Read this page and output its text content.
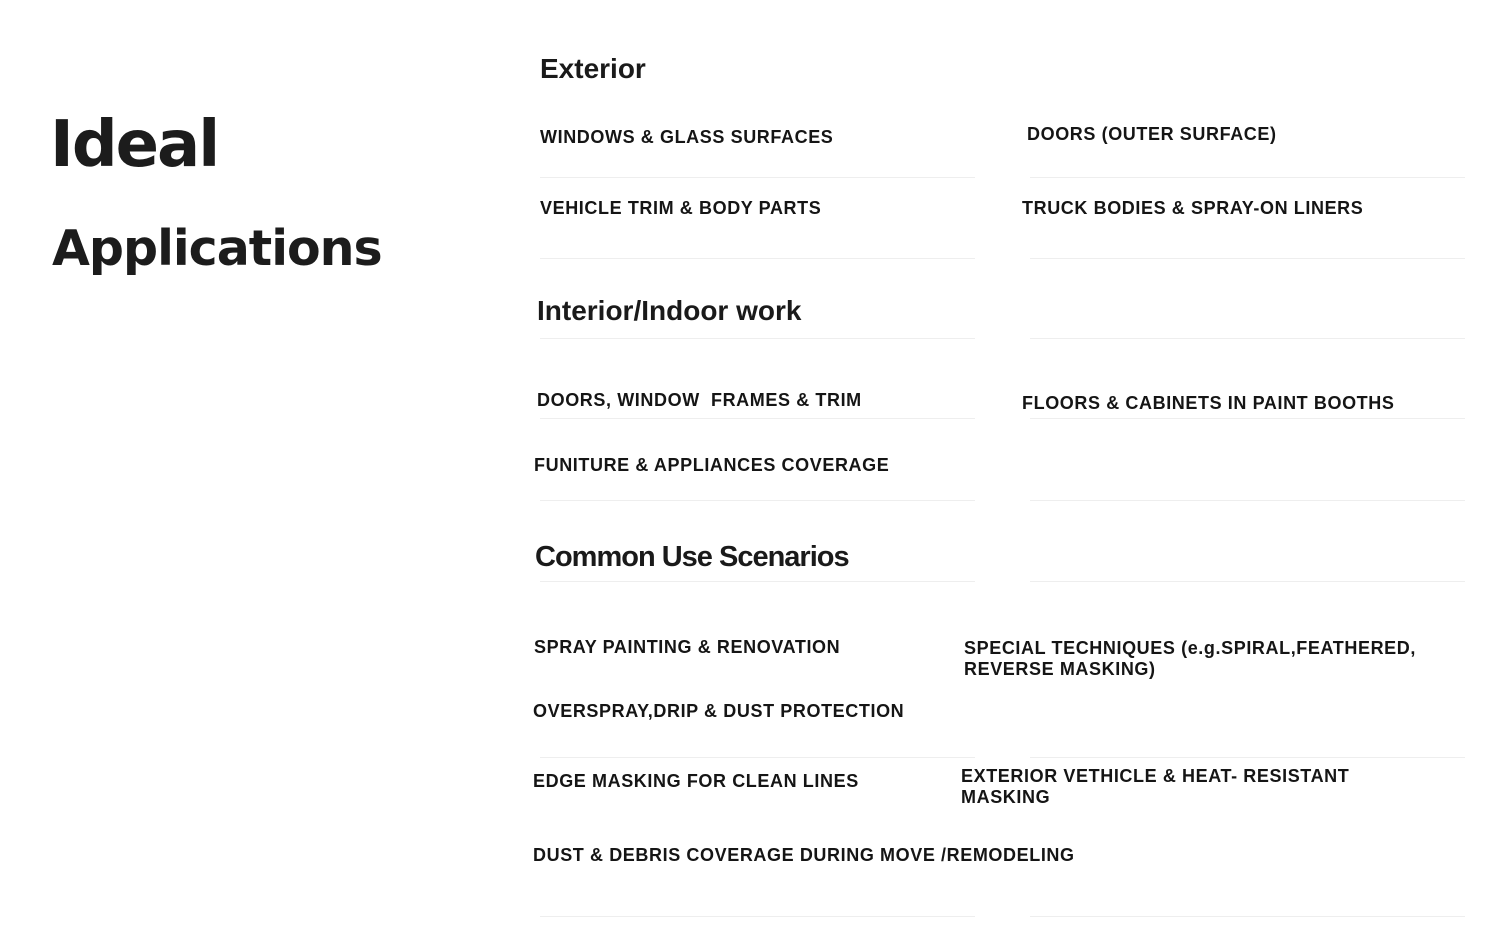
Ideal
Applications
Exterior
WINDOWS & GLASS SURFACES	DOORS (OUTER SURFACE)
VEHICLE TRIM & BODY PARTS	TRUCK BODIES & SPRAY-ON LINERS
Interior/Indoor work
DOORS, WINDOW  FRAMES & TRIM	FLOORS & CABINETS IN PAINT BOOTHS
FUNITURE & APPLIANCES COVERAGE
Common Use Scenarios
SPRAY PAINTING & RENOVATION	SPECIAL TECHNIQUES (e.g.SPIRAL,FEATHERED,
REVERSE MASKING)
OVERSPRAY,DRIP & DUST PROTECTION
EDGE MASKING FOR CLEAN LINES	EXTERIOR VETHICLE & HEAT- RESISTANT
MASKING
DUST & DEBRIS COVERAGE DURING MOVE /REMODELING
